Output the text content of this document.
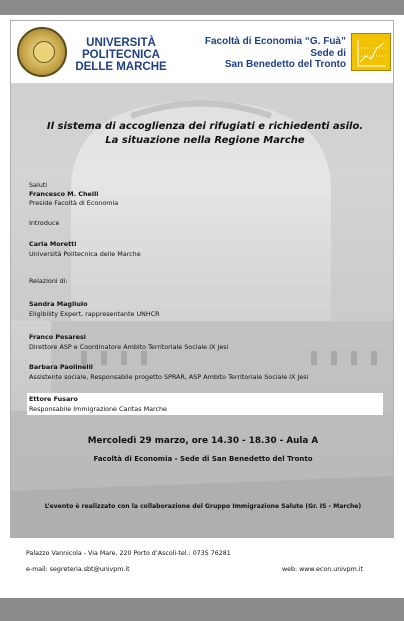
UNIVERSITÀ
POLITECNICA
DELLE MARCHE
Facoltà di Economia “G. Fuà”
Sede di
San Benedetto del Tronto
Il sistema di accoglienza dei rifugiati e richiedenti asilo.
La situazione nella Regione Marche
Saluti
Francesco M. Chelli
Preside Facoltà di Economia
Introduce
Carla Moretti
Università Politecnica delle Marche
Relazioni di:
Sandra Magliulo
Eligibility Expert, rappresentante UNHCR
Franco Pesaresi
Direttore ASP e Coordinatore Ambito Territoriale Sociale IX Jesi
Barbara Paolinelli
Assistente sociale, Responsabile progetto SPRAR, ASP Ambito Territoriale Sociale IX Jesi
Ettore Fusaro
Responsabile Immigrazione Caritas Marche
Mercoledì 29 marzo, ore 14.30 - 18.30 - Aula A
Facoltà di Economia - Sede di San Benedetto del Tronto
L’evento è realizzato con la collaborazione del Gruppo Immigrazione Salute (Gr. IS - Marche)
Palazzo Vannicola - Via Mare, 220 Porto d’Ascoli-tel.: 0735 76281
e-mail: segreteria.sbt@univpm.it	web: www.econ.univpm.it
